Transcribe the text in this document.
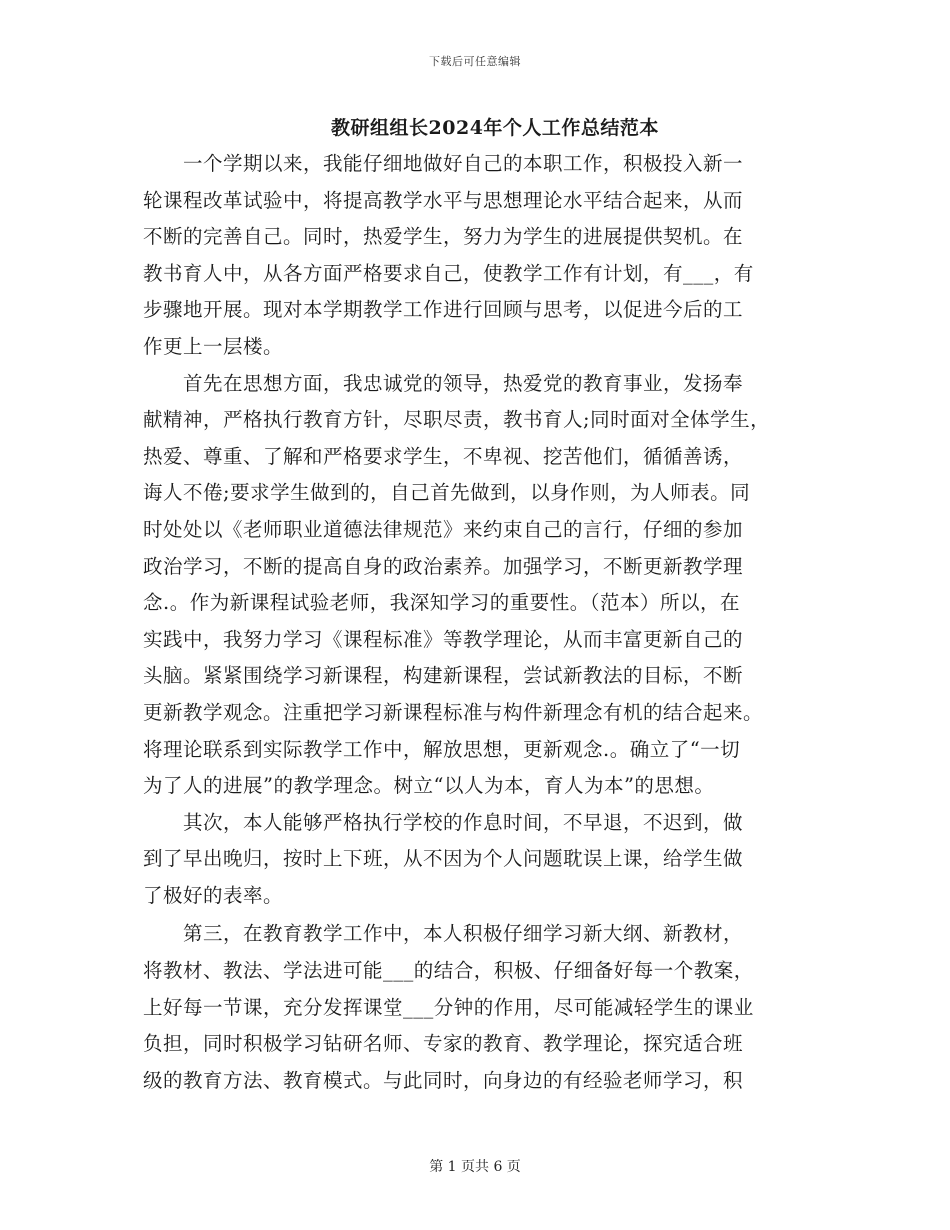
下载后可任意编辑
教研组组长2024年个人工作总结范本
　　一个学期以来，我能仔细地做好自己的本职工作，积极投入新一
轮课程改革试验中，将提高教学水平与思想理论水平结合起来，从而
不断的完善自己。同时，热爱学生，努力为学生的进展提供契机。在
教书育人中，从各方面严格要求自己，使教学工作有计划，有___，有
步骤地开展。现对本学期教学工作进行回顾与思考，以促进今后的工
作更上一层楼。
　　首先在思想方面，我忠诚党的领导，热爱党的教育事业，发扬奉
献精神，严格执行教育方针，尽职尽责，教书育人;同时面对全体学生，
热爱、尊重、了解和严格要求学生，不卑视、挖苦他们，循循善诱，
诲人不倦;要求学生做到的，自己首先做到，以身作则，为人师表。同
时处处以《老师职业道德法律规范》来约束自己的言行，仔细的参加
政治学习，不断的提高自身的政治素养。加强学习，不断更新教学理
念.。作为新课程试验老师，我深知学习的重要性。（范本）所以，在
实践中，我努力学习《课程标准》等教学理论，从而丰富更新自己的
头脑。紧紧围绕学习新课程，构建新课程，尝试新教法的目标，不断
更新教学观念。注重把学习新课程标准与构件新理念有机的结合起来。
将理论联系到实际教学工作中，解放思想，更新观念.。确立了“一切
为了人的进展”的教学理念。树立“以人为本，育人为本”的思想。
　　其次，本人能够严格执行学校的作息时间，不早退，不迟到，做
到了早出晚归，按时上下班，从不因为个人问题耽误上课，给学生做
了极好的表率。
　　第三，在教育教学工作中，本人积极仔细学习新大纲、新教材，
将教材、教法、学法进可能___的结合，积极、仔细备好每一个教案，
上好每一节课，充分发挥课堂___分钟的作用，尽可能减轻学生的课业
负担，同时积极学习钻研名师、专家的教育、教学理论，探究适合班
级的教育方法、教育模式。与此同时，向身边的有经验老师学习，积
第 1 页共 6 页
